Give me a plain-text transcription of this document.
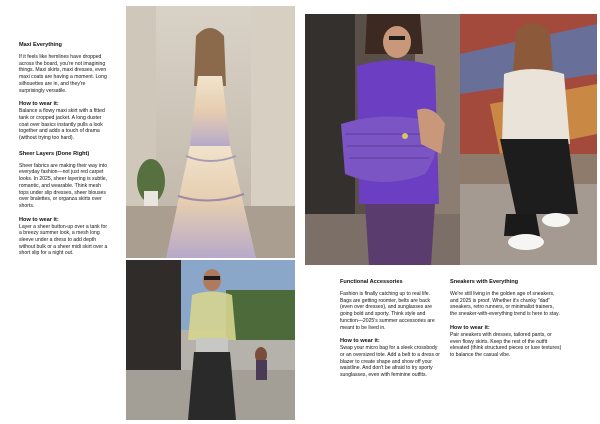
Maxi Everything
If it feels like hemlines have dropped across the board, you're not imagining things. Maxi skirts, maxi dresses, even maxi coats are having a moment. Long silhouettes are in, and they're surprisingly versatile.
How to wear it:
Balance a flowy maxi skirt with a fitted tank or cropped jacket. A long duster coat over basics instantly pulls a look together and adds a touch of drama (without trying too hard).
Sheer Layers (Done Right)
Sheer fabrics are making their way into everyday fashion—not just red carpet looks. In 2025, sheer layering is subtle, romantic, and wearable. Think mesh tops under slip dresses, sheer blouses over bralettes, or organza skirts over shorts.
How to wear it:
Layer a sheer button-up over a tank for a breezy summer look, a mesh long sleeve under a dress to add depth without bulk or a sheer midi skirt over a short slip for a night out.
Functional Accessories
Fashion is finally catching up to real life. Bags are getting roomier, belts are back (even over dresses), and sunglasses are going bold and sporty. Think style and function—2025's summer accessories are meant to be lived in.
How to wear it:
Swap your micro bag for a sleek crossbody or an oversized tote. Add a belt to a dress or blazer to create shape and show off your waistline. And don't be afraid to try sporty sunglasses, even with feminine outfits.
Sneakers with Everything
We're still living in the golden age of sneakers, and 2025 is proof. Whether it's chunky "dad" sneakers, retro runners, or minimalist trainers, the sneaker-with-everything trend is here to stay.
How to wear it:
Pair sneakers with dresses, tailored pants, or even flowy skirts. Keep the rest of the outfit elevated (think structured pieces or luxe textures) to balance the casual vibe.
